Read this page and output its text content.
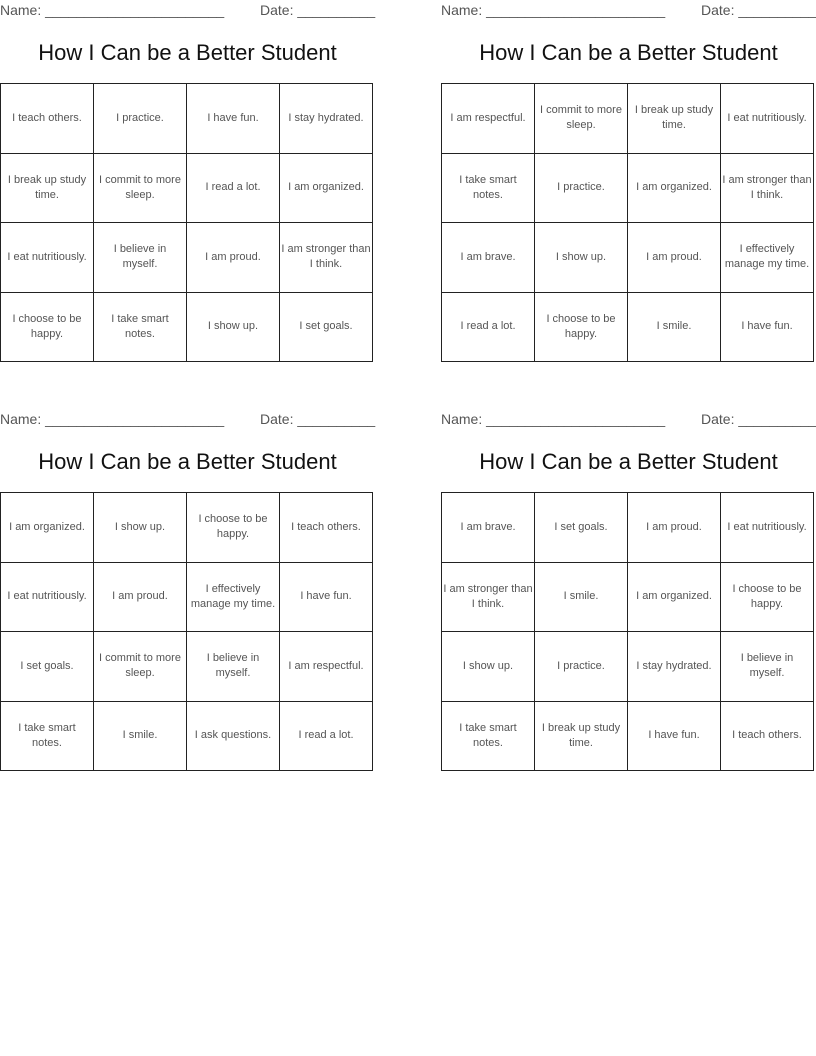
Name: _______________________	Date: __________
How I Can be a Better Student
I teach others.	I practice.	I have fun.	I stay hydrated.
I break up study time.	I commit to more sleep.	I read a lot.	I am organized.
I eat nutritiously.	I believe in myself.	I am proud.	I am stronger than I think.
I choose to be happy.	I take smart notes.	I show up.	I set goals.
Name: _______________________	Date: __________
How I Can be a Better Student
I am respectful.	I commit to more sleep.	I break up study time.	I eat nutritiously.
I take smart notes.	I practice.	I am organized.	I am stronger than I think.
I am brave.	I show up.	I am proud.	I effectively manage my time.
I read a lot.	I choose to be happy.	I smile.	I have fun.
Name: _______________________	Date: __________
How I Can be a Better Student
I am organized.	I show up.	I choose to be happy.	I teach others.
I eat nutritiously.	I am proud.	I effectively manage my time.	I have fun.
I set goals.	I commit to more sleep.	I believe in myself.	I am respectful.
I take smart notes.	I smile.	I ask questions.	I read a lot.
Name: _______________________	Date: __________
How I Can be a Better Student
I am brave.	I set goals.	I am proud.	I eat nutritiously.
I am stronger than I think.	I smile.	I am organized.	I choose to be happy.
I show up.	I practice.	I stay hydrated.	I believe in myself.
I take smart notes.	I break up study time.	I have fun.	I teach others.
